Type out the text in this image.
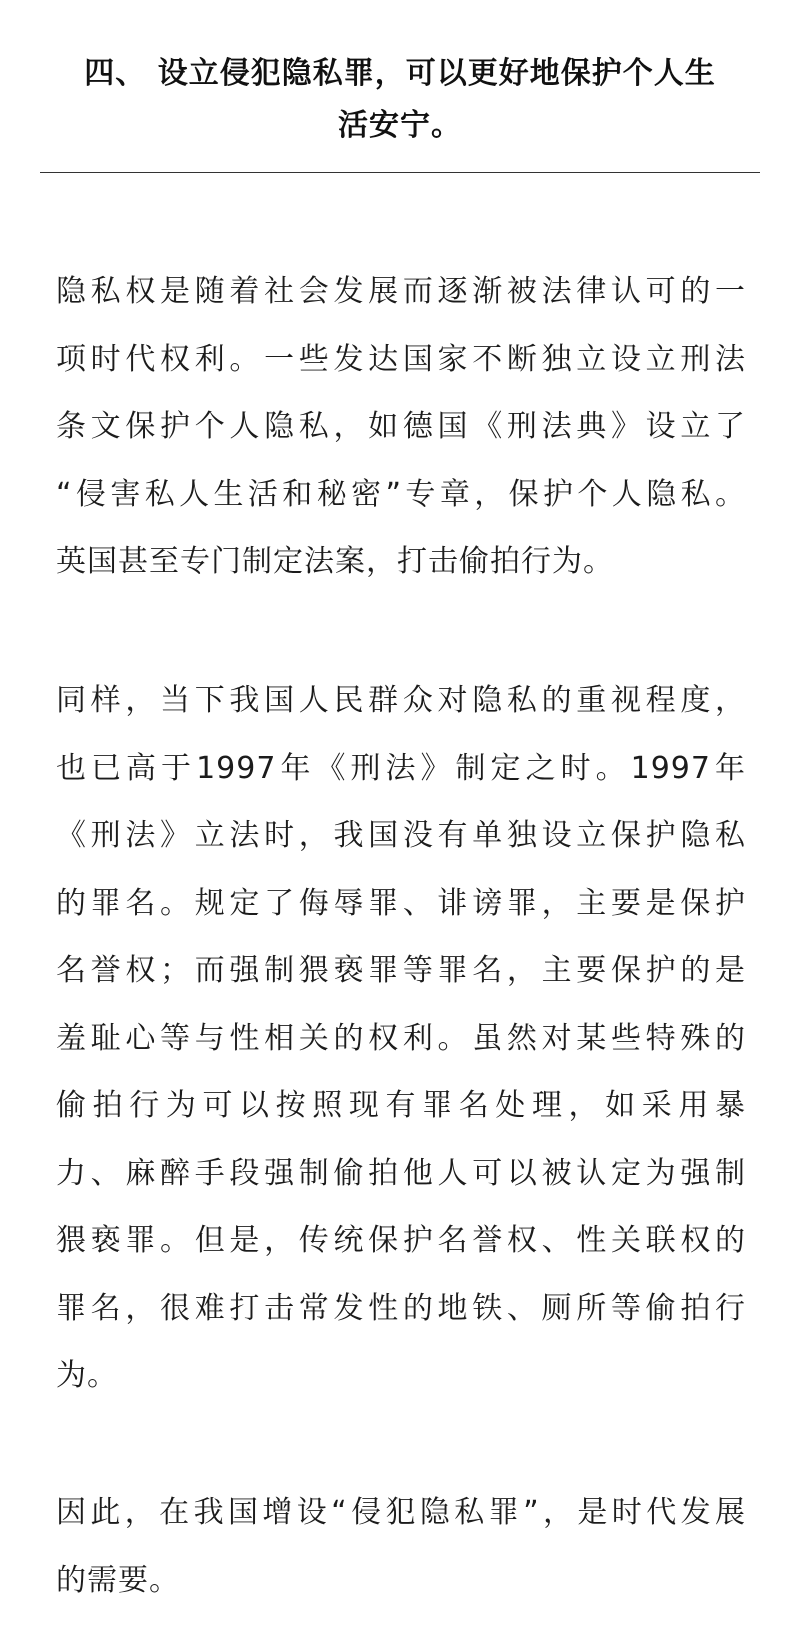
四、 设立侵犯隐私罪，可以更好地保护个人生
活安宁。
隐私权是随着社会发展而逐渐被法律认可的一
项时代权利。一些发达国家不断独立设立刑法
条文保护个人隐私，如德国《刑法典》设立了
“侵害私人生活和秘密”专章，保护个人隐私。
英国甚至专门制定法案，打击偷拍行为。
同样，当下我国人民群众对隐私的重视程度，
也已高于1997年《刑法》制定之时。1997年
《刑法》立法时，我国没有单独设立保护隐私
的罪名。规定了侮辱罪、诽谤罪，主要是保护
名誉权；而强制猥亵罪等罪名，主要保护的是
羞耻心等与性相关的权利。虽然对某些特殊的
偷拍行为可以按照现有罪名处理，如采用暴
力、麻醉手段强制偷拍他人可以被认定为强制
猥亵罪。但是，传统保护名誉权、性关联权的
罪名，很难打击常发性的地铁、厕所等偷拍行
为。
因此，在我国增设“侵犯隐私罪”，是时代发展
的需要。
